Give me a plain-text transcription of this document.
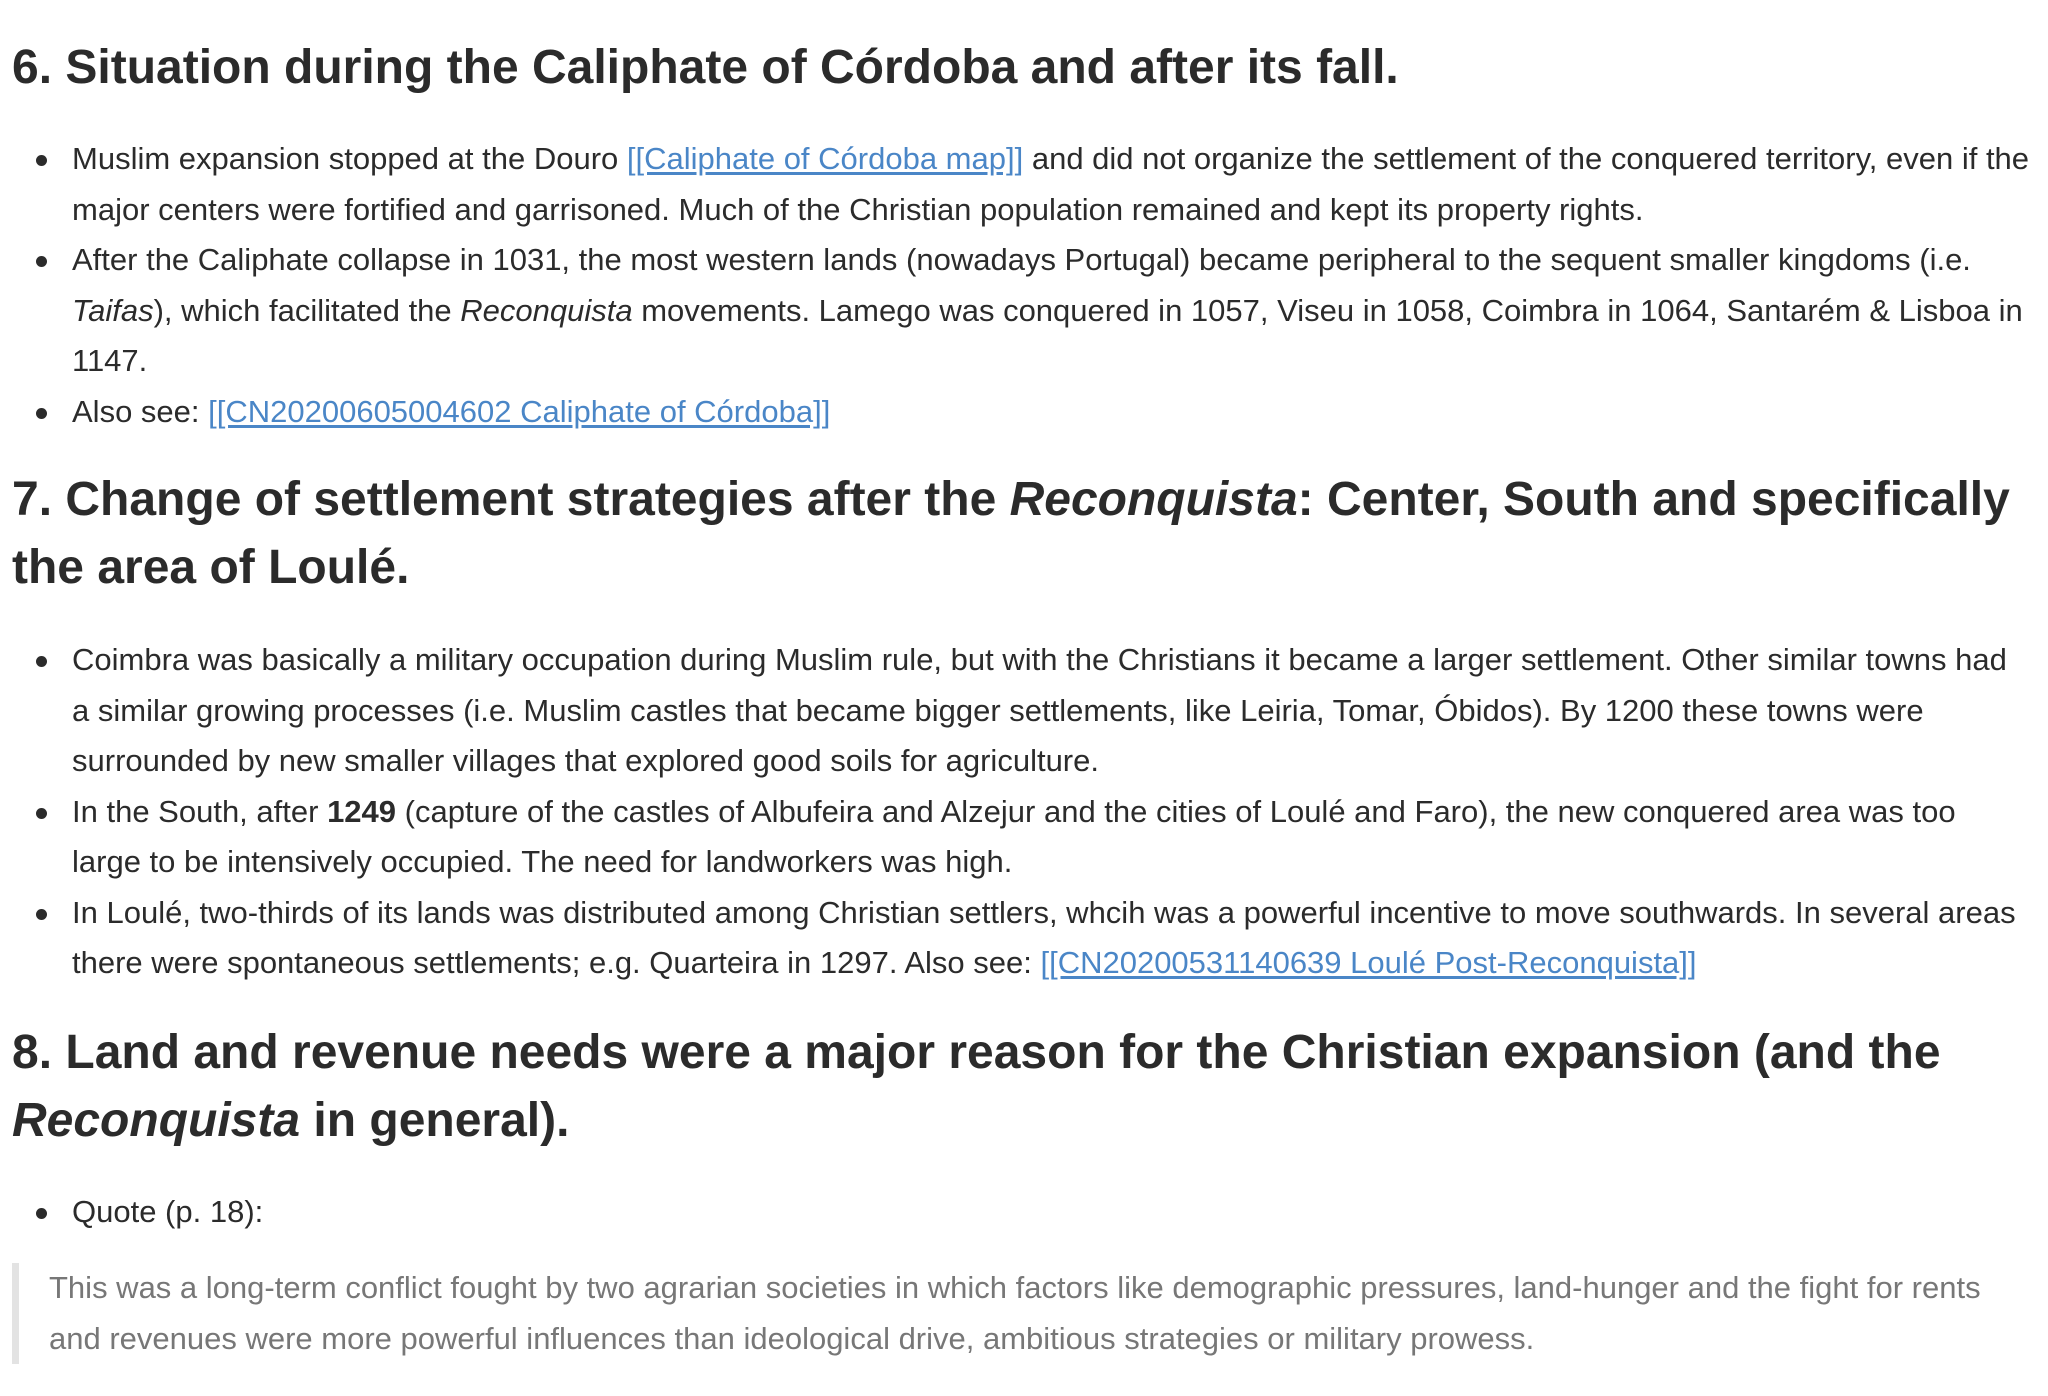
6. Situation during the Caliphate of Córdoba and after its fall.
Muslim expansion stopped at the Douro [[Caliphate of Córdoba map]] and did not organize the settlement of the conquered territory, even if the major centers were fortified and garrisoned. Much of the Christian population remained and kept its property rights.
After the Caliphate collapse in 1031, the most western lands (nowadays Portugal) became peripheral to the sequent smaller kingdoms (i.e. Taifas), which facilitated the Reconquista movements. Lamego was conquered in 1057, Viseu in 1058, Coimbra in 1064, Santarém & Lisboa in 1147.
Also see: [[CN20200605004602 Caliphate of Córdoba]]
7. Change of settlement strategies after the Reconquista: Center, South and specifically the area of Loulé.
Coimbra was basically a military occupation during Muslim rule, but with the Christians it became a larger settlement. Other similar towns had a similar growing processes (i.e. Muslim castles that became bigger settlements, like Leiria, Tomar, Óbidos). By 1200 these towns were surrounded by new smaller villages that explored good soils for agriculture.
In the South, after 1249 (capture of the castles of Albufeira and Alzejur and the cities of Loulé and Faro), the new conquered area was too large to be intensively occupied. The need for landworkers was high.
In Loulé, two-thirds of its lands was distributed among Christian settlers, whcih was a powerful incentive to move southwards. In several areas there were spontaneous settlements; e.g. Quarteira in 1297. Also see: [[CN20200531140639 Loulé Post-Reconquista]]
8. Land and revenue needs were a major reason for the Christian expansion (and the Reconquista in general).
Quote (p. 18):
This was a long-term conflict fought by two agrarian societies in which factors like demographic pressures, land-hunger and the fight for rents and revenues were more powerful influences than ideological drive, ambitious strategies or military prowess.
